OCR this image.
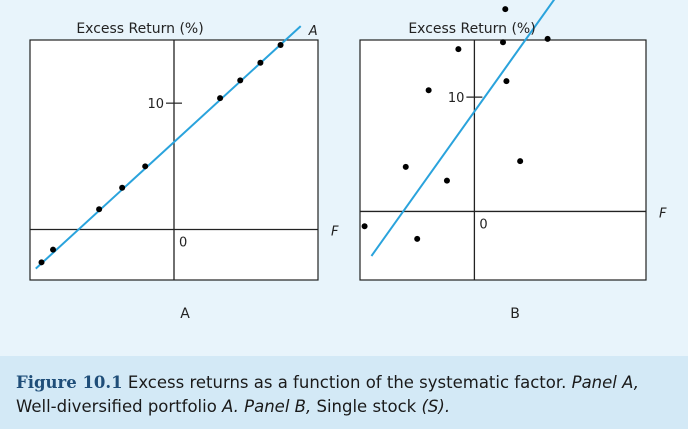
10
0
A
Excess Return (%)
F
A
10
0
Excess Return (%)
F
B
Figure 10.1 Excess returns as a function of the systematic factor. Panel A,
Well-diversified portfolio A. Panel B, Single stock (S).
